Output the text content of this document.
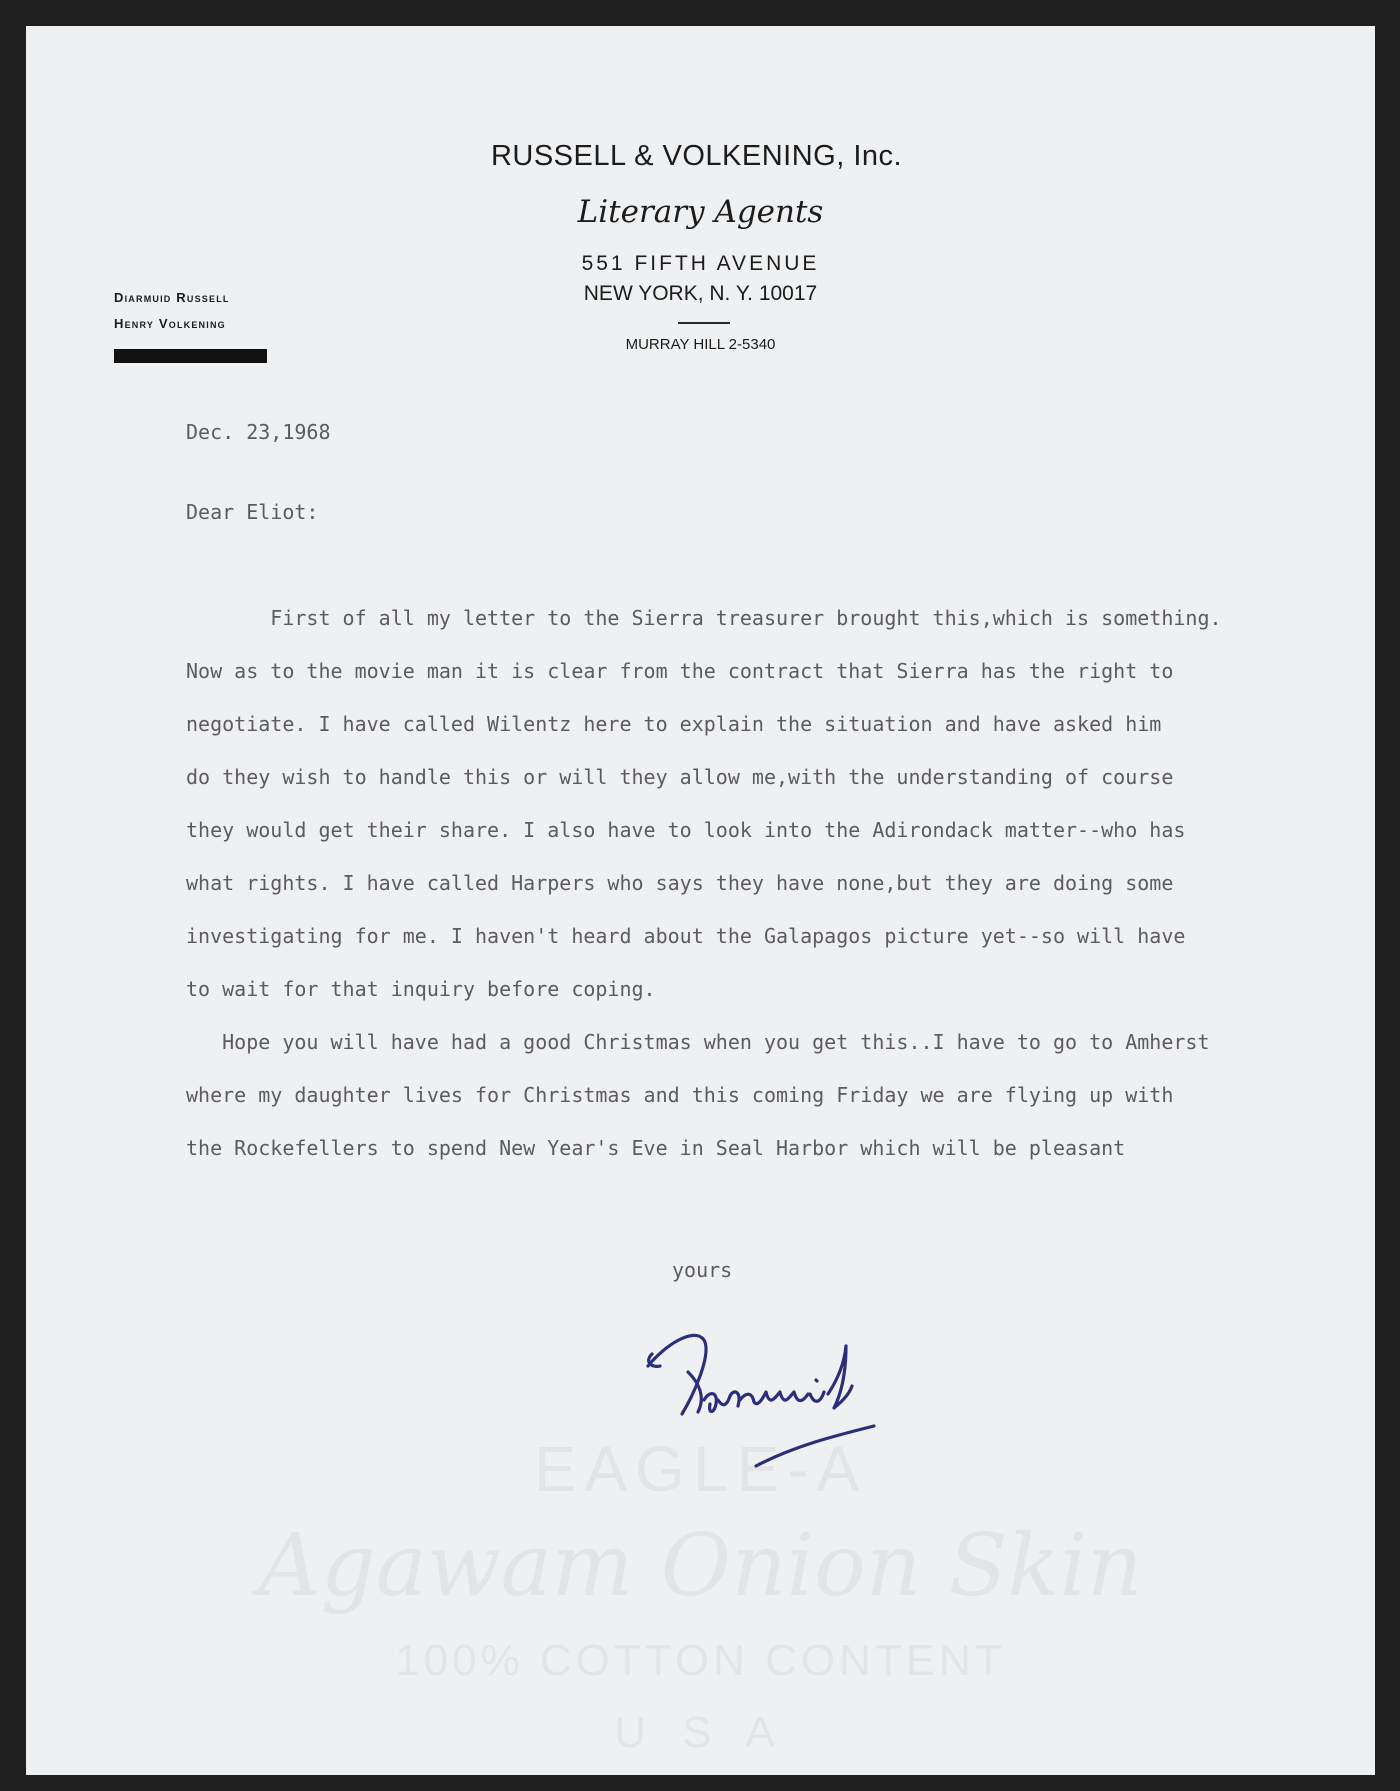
EAGLE-A
Agawam Onion Skin
100% COTTON CONTENT
U S A
RUSSELL & VOLKENING, Inc.
Literary Agents
551 FIFTH AVENUE
NEW YORK, N. Y. 10017
MURRAY HILL 2-5340
Diarmuid Russell
Henry Volkening
Dec. 23,1968
Dear Eliot:
First of all my letter to the Sierra treasurer brought this,which is something.
Now as to the movie man it is clear from the contract that Sierra has the right to
negotiate. I have called Wilentz here to explain the situation and have asked him
do they wish to handle this or will they allow me,with the understanding of course
they would get their share. I also have to look into the Adirondack matter--who has
what rights. I have called Harpers who says they have none,but they are doing some
investigating for me. I haven't heard about the Galapagos picture yet--so will have
to wait for that inquiry before coping.
Hope you will have had a good Christmas when you get this..I have to go to Amherst
where my daughter lives for Christmas and this coming Friday we are flying up with
the Rockefellers to spend New Year's Eve in Seal Harbor which will be pleasant
yours
